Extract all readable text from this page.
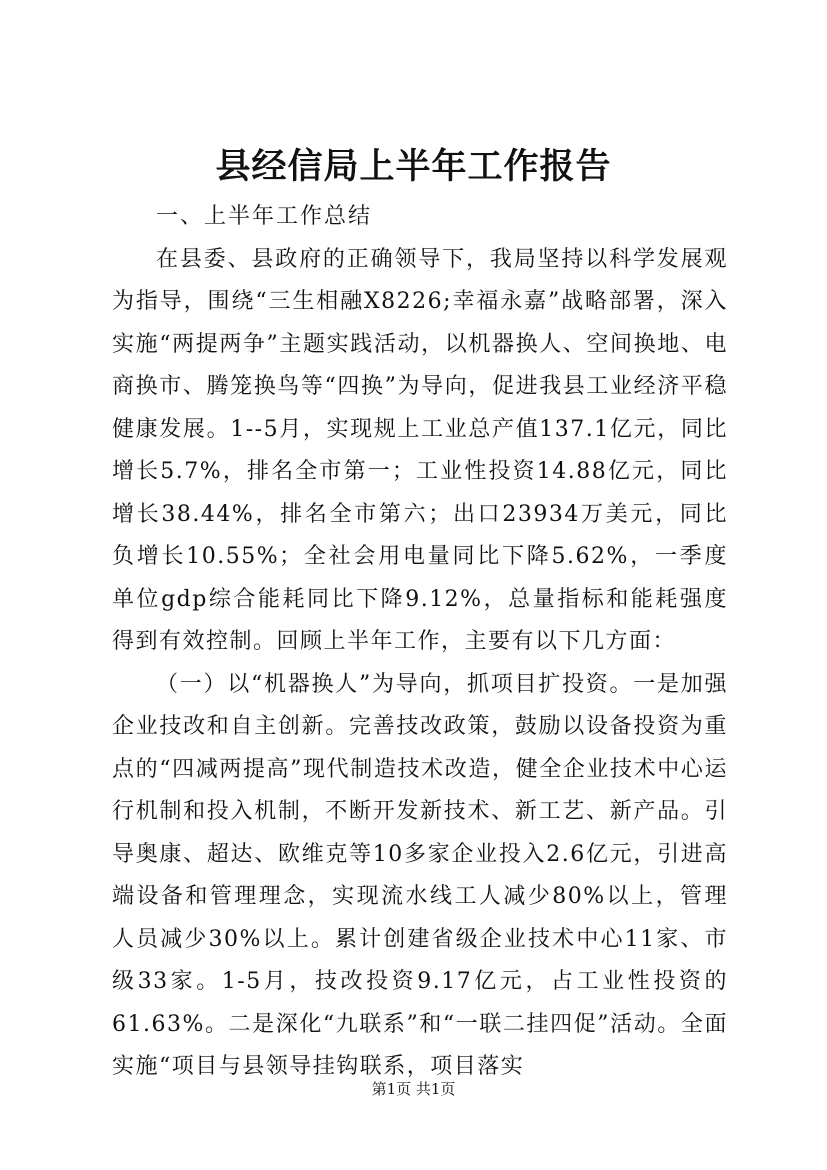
县经信局上半年工作报告

一、上半年工作总结

在县委、县政府的正确领导下，我局坚持以科学发展观为指导，围绕“三生相融X8226;幸福永嘉”战略部署，深入实施“两提两争”主题实践活动，以机器换人、空间换地、电商换市、腾笼换鸟等“四换”为导向，促进我县工业经济平稳健康发展。1--5月，实现规上工业总产值137.1亿元，同比增长5.7%，排名全市第一；工业性投资14.88亿元，同比增长38.44%，排名全市第六；出口23934万美元，同比负增长10.55%；全社会用电量同比下降5.62%，一季度单位gdp综合能耗同比下降9.12%，总量指标和能耗强度得到有效控制。回顾上半年工作，主要有以下几方面：

（一）以“机器换人”为导向，抓项目扩投资。一是加强企业技改和自主创新。完善技改政策，鼓励以设备投资为重点的“四减两提高”现代制造技术改造，健全企业技术中心运行机制和投入机制，不断开发新技术、新工艺、新产品。引导奥康、超达、欧维克等10多家企业投入2.6亿元，引进高端设备和管理理念，实现流水线工人减少80%以上，管理人员减少30%以上。累计创建省级企业技术中心11家、市级33家。1-5月，技改投资9.17亿元，占工业性投资的61.63%。二是深化“九联系”和“一联二挂四促”活动。全面实施“项目与县领导挂钩联系，项目落实

第1页 共1页
